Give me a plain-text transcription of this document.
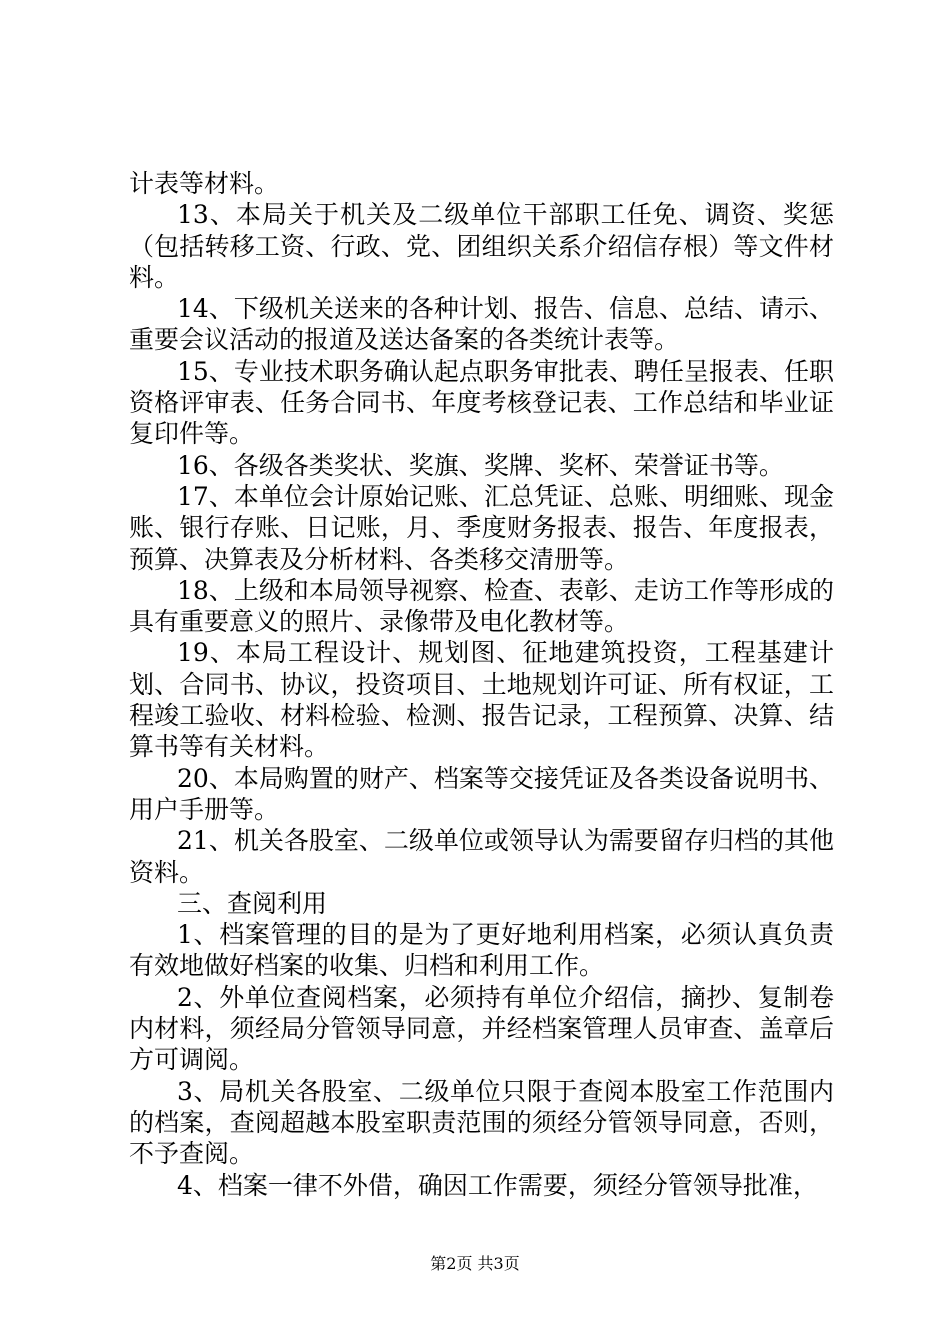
计表等材料。

13、本局关于机关及二级单位干部职工任免、调资、奖惩（包括转移工资、行政、党、团组织关系介绍信存根）等文件材料。

14、下级机关送来的各种计划、报告、信息、总结、请示、重要会议活动的报道及送达备案的各类统计表等。

15、专业技术职务确认起点职务审批表、聘任呈报表、任职资格评审表、任务合同书、年度考核登记表、工作总结和毕业证复印件等。

16、各级各类奖状、奖旗、奖牌、奖杯、荣誉证书等。

17、本单位会计原始记账、汇总凭证、总账、明细账、现金账、银行存账、日记账，月、季度财务报表、报告、年度报表，预算、决算表及分析材料、各类移交清册等。

18、上级和本局领导视察、检查、表彰、走访工作等形成的具有重要意义的照片、录像带及电化教材等。

19、本局工程设计、规划图、征地建筑投资，工程基建计划、合同书、协议，投资项目、土地规划许可证、所有权证，工程竣工验收、材料检验、检测、报告记录，工程预算、决算、结算书等有关材料。

20、本局购置的财产、档案等交接凭证及各类设备说明书、用户手册等。

21、机关各股室、二级单位或领导认为需要留存归档的其他资料。

三、查阅利用

1、档案管理的目的是为了更好地利用档案，必须认真负责有效地做好档案的收集、归档和利用工作。

2、外单位查阅档案，必须持有单位介绍信，摘抄、复制卷内材料，须经局分管领导同意，并经档案管理人员审查、盖章后方可调阅。

3、局机关各股室、二级单位只限于查阅本股室工作范围内的档案，查阅超越本股室职责范围的须经分管领导同意，否则，不予查阅。

4、档案一律不外借，确因工作需要，须经分管领导批准，

第2页 共3页
